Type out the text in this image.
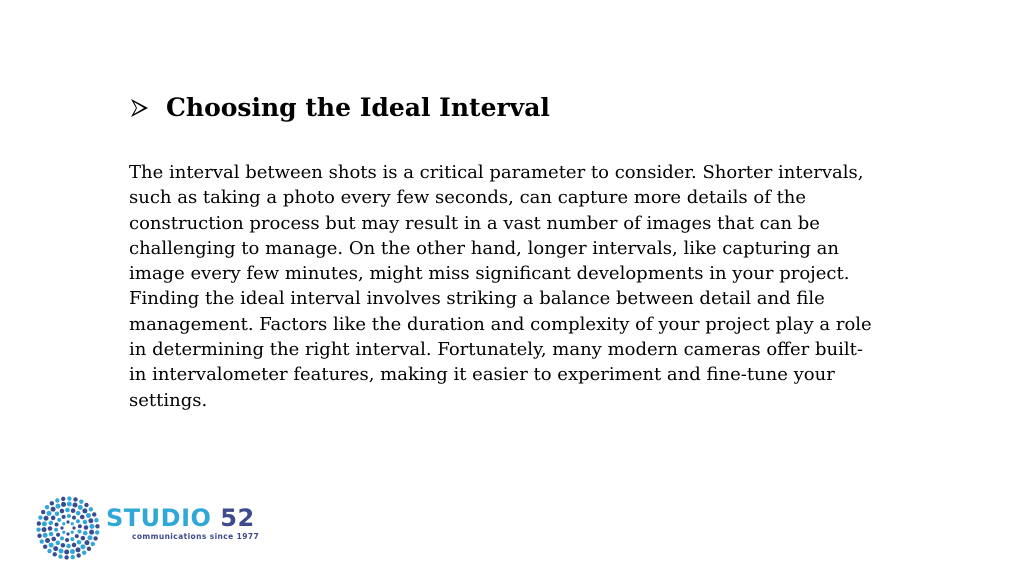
Choosing the Ideal Interval

The interval between shots is a critical parameter to consider. Shorter intervals,
such as taking a photo every few seconds, can capture more details of the
construction process but may result in a vast number of images that can be
challenging to manage. On the other hand, longer intervals, like capturing an
image every few minutes, might miss significant developments in your project.
Finding the ideal interval involves striking a balance between detail and file
management. Factors like the duration and complexity of your project play a role
in determining the right interval. Fortunately, many modern cameras offer built-
in intervalometer features, making it easier to experiment and fine-tune your
settings.

STUDIO 52
communications since 1977
